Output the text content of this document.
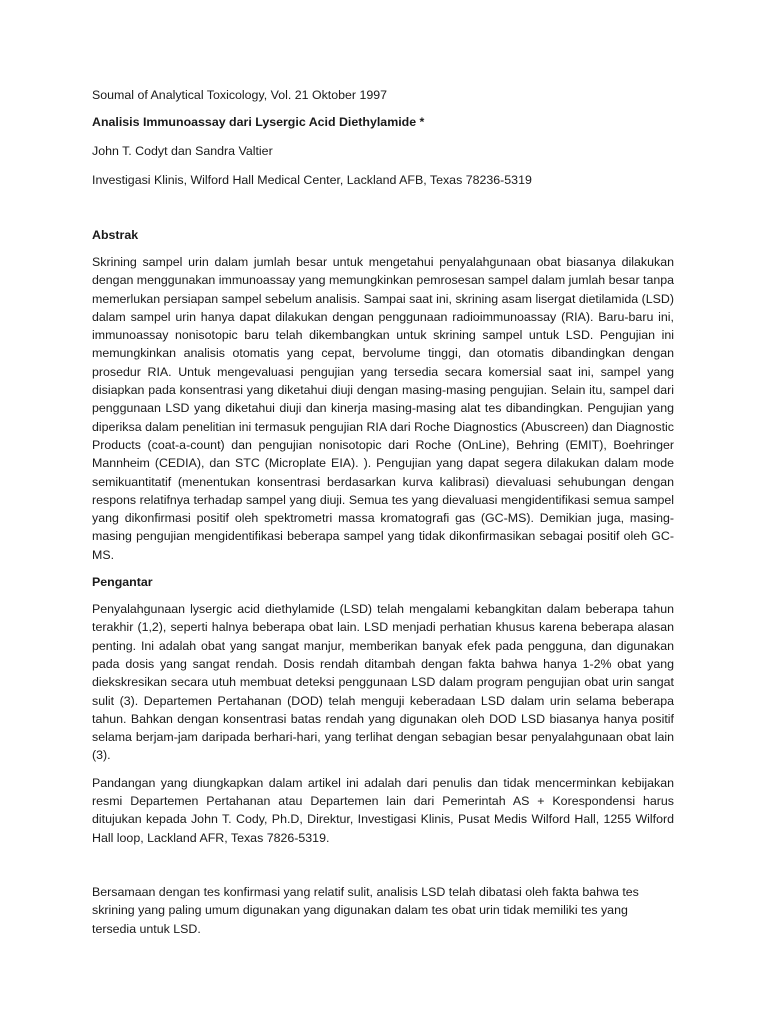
Soumal of Analytical Toxicology, Vol. 21 Oktober 1997

Analisis Immunoassay dari Lysergic Acid Diethylamide *

John T. Codyt dan Sandra Valtier

Investigasi Klinis, Wilford Hall Medical Center, Lackland AFB, Texas 78236-5319

Abstrak

Skrining sampel urin dalam jumlah besar untuk mengetahui penyalahgunaan obat biasanya dilakukan dengan menggunakan immunoassay yang memungkinkan pemrosesan sampel dalam jumlah besar tanpa memerlukan persiapan sampel sebelum analisis. Sampai saat ini, skrining asam lisergat dietilamida (LSD) dalam sampel urin hanya dapat dilakukan dengan penggunaan radioimmunoassay (RIA). Baru-baru ini, immunoassay nonisotopic baru telah dikembangkan untuk skrining sampel untuk LSD. Pengujian ini memungkinkan analisis otomatis yang cepat, bervolume tinggi, dan otomatis dibandingkan dengan prosedur RIA. Untuk mengevaluasi pengujian yang tersedia secara komersial saat ini, sampel yang disiapkan pada konsentrasi yang diketahui diuji dengan masing-masing pengujian. Selain itu, sampel dari penggunaan LSD yang diketahui diuji dan kinerja masing-masing alat tes dibandingkan. Pengujian yang diperiksa dalam penelitian ini termasuk pengujian RIA dari Roche Diagnostics (Abuscreen) dan Diagnostic Products (coat-a-count) dan pengujian nonisotopic dari Roche (OnLine), Behring (EMIT), Boehringer Mannheim (CEDIA), dan STC (Microplate EIA). ). Pengujian yang dapat segera dilakukan dalam mode semikuantitatif (menentukan konsentrasi berdasarkan kurva kalibrasi) dievaluasi sehubungan dengan respons relatifnya terhadap sampel yang diuji. Semua tes yang dievaluasi mengidentifikasi semua sampel yang dikonfirmasi positif oleh spektrometri massa kromatografi gas (GC-MS). Demikian juga, masing-masing pengujian mengidentifikasi beberapa sampel yang tidak dikonfirmasikan sebagai positif oleh GC-MS.

Pengantar

Penyalahgunaan lysergic acid diethylamide (LSD) telah mengalami kebangkitan dalam beberapa tahun terakhir (1,2), seperti halnya beberapa obat lain. LSD menjadi perhatian khusus karena beberapa alasan penting. Ini adalah obat yang sangat manjur, memberikan banyak efek pada pengguna, dan digunakan pada dosis yang sangat rendah. Dosis rendah ditambah dengan fakta bahwa hanya 1-2% obat yang diekskresikan secara utuh membuat deteksi penggunaan LSD dalam program pengujian obat urin sangat sulit (3). Departemen Pertahanan (DOD) telah menguji keberadaan LSD dalam urin selama beberapa tahun. Bahkan dengan konsentrasi batas rendah yang digunakan oleh DOD LSD biasanya hanya positif selama berjam-jam daripada berhari-hari, yang terlihat dengan sebagian besar penyalahgunaan obat lain (3).

Pandangan yang diungkapkan dalam artikel ini adalah dari penulis dan tidak mencerminkan kebijakan resmi Departemen Pertahanan atau Departemen lain dari Pemerintah AS + Korespondensi harus ditujukan kepada John T. Cody, Ph.D, Direktur, Investigasi Klinis, Pusat Medis Wilford Hall, 1255 Wilford Hall loop, Lackland AFR, Texas 7826-5319.

Bersamaan dengan tes konfirmasi yang relatif sulit, analisis LSD telah dibatasi oleh fakta bahwa tes skrining yang paling umum digunakan yang digunakan dalam tes obat urin tidak memiliki tes yang tersedia untuk LSD.
